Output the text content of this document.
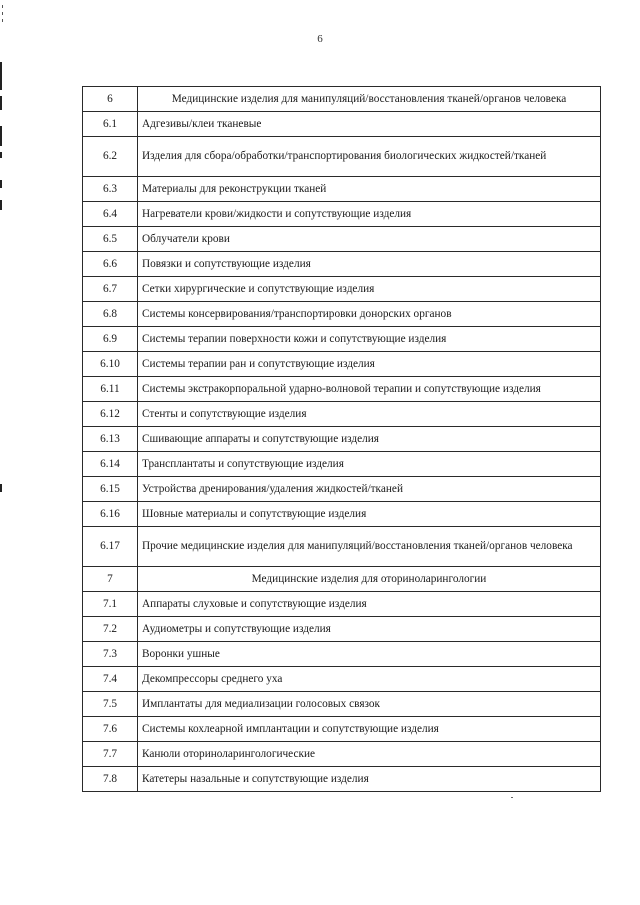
6
6	Медицинские изделия для манипуляций/восстановления тканей/органов человека
6.1	Адгезивы/клеи тканевые
6.2	Изделия для сбора/обработки/транспортирования биологических жидкостей/тканей
6.3	Материалы для реконструкции тканей
6.4	Нагреватели крови/жидкости и сопутствующие изделия
6.5	Облучатели крови
6.6	Повязки и сопутствующие изделия
6.7	Сетки хирургические и сопутствующие изделия
6.8	Системы консервирования/транспортировки донорских органов
6.9	Системы терапии поверхности кожи и сопутствующие изделия
6.10	Системы терапии ран и сопутствующие изделия
6.11	Системы экстракорпоральной ударно-волновой терапии и сопутствующие изделия
6.12	Стенты и сопутствующие изделия
6.13	Сшивающие аппараты и сопутствующие изделия
6.14	Трансплантаты и сопутствующие изделия
6.15	Устройства дренирования/удаления жидкостей/тканей
6.16	Шовные материалы и сопутствующие изделия
6.17	Прочие медицинские изделия для манипуляций/восстановления тканей/органов человека
7	Медицинские изделия для оториноларингологии
7.1	Аппараты слуховые и сопутствующие изделия
7.2	Аудиометры и сопутствующие изделия
7.3	Воронки ушные
7.4	Декомпрессоры среднего уха
7.5	Имплантаты для медиализации голосовых связок
7.6	Системы кохлеарной имплантации и сопутствующие изделия
7.7	Канюли оториноларингологические
7.8	Катетеры назальные и сопутствующие изделия
